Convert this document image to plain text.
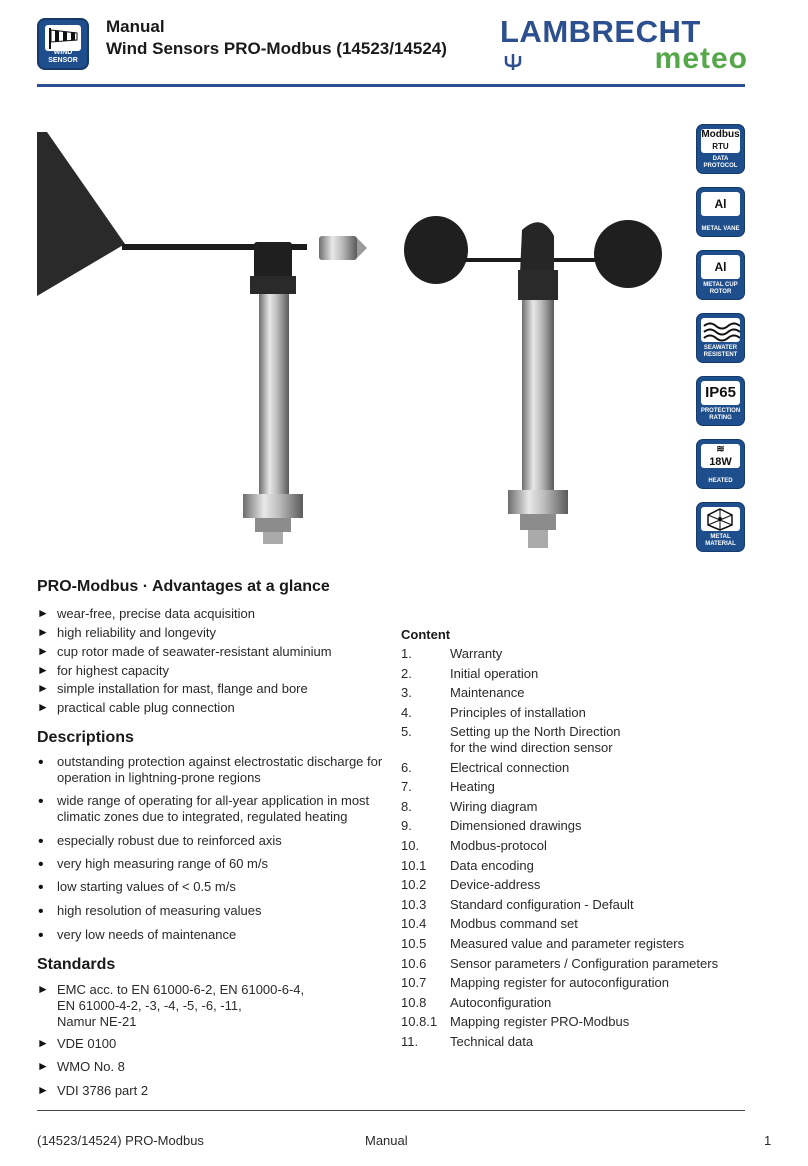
WIND
SENSOR
Manual
Wind Sensors PRO-Modbus (14523/14524) LAMBRECHT
meteo
Modbus
RTU
DATA PROTOCOL
Al
METAL VANE
Al
METAL CUP ROTOR
SEAWATER RESISTENT
IP65
PROTECTION RATING
≋
18W
HEATED
METAL MATERIAL
PRO-Modbus · Advantages at a glance
► wear-free, precise data acquisition
► high reliability and longevity
► cup rotor made of seawater-resistant aluminium
► for highest capacity
► simple installation for mast, flange and bore
► practical cable plug connection
Descriptions
• outstanding protection against electrostatic discharge for
operation in lightning-prone regions
• wide range of operating for all-year application in most
climatic zones due to integrated, regulated heating
• especially robust due to reinforced axis
• very high measuring range of 60 m/s
• low starting values of < 0.5 m/s
• high resolution of measuring values
• very low needs of maintenance
Standards
► EMC acc. to EN 61000-6-2, EN 61000-6-4,
EN 61000-4-2, -3, -4, -5, -6, -11,
Namur NE-21
► VDE 0100
► WMO No. 8
► VDI 3786 part 2
Content
1.	Warranty
2.	Initial operation
3.	Maintenance
4.	Principles of installation
5.	Setting up the North Direction
for the wind direction sensor
6.	Electrical connection
7.	Heating
8.	Wiring diagram
9.	Dimensioned drawings
10. Modbus-protocol
10.1 Data encoding
10.2 Device-address
10.3 Standard configuration - Default
10.4 Modbus command set
10.5 Measured value and parameter registers
10.6 Sensor parameters / Configuration parameters
10.7 Mapping register for autoconfiguration
10.8 Autoconfiguration
10.8.1 Mapping register PRO-Modbus
11. Technical data
(14523/14524) PRO-Modbus	Manual	1
